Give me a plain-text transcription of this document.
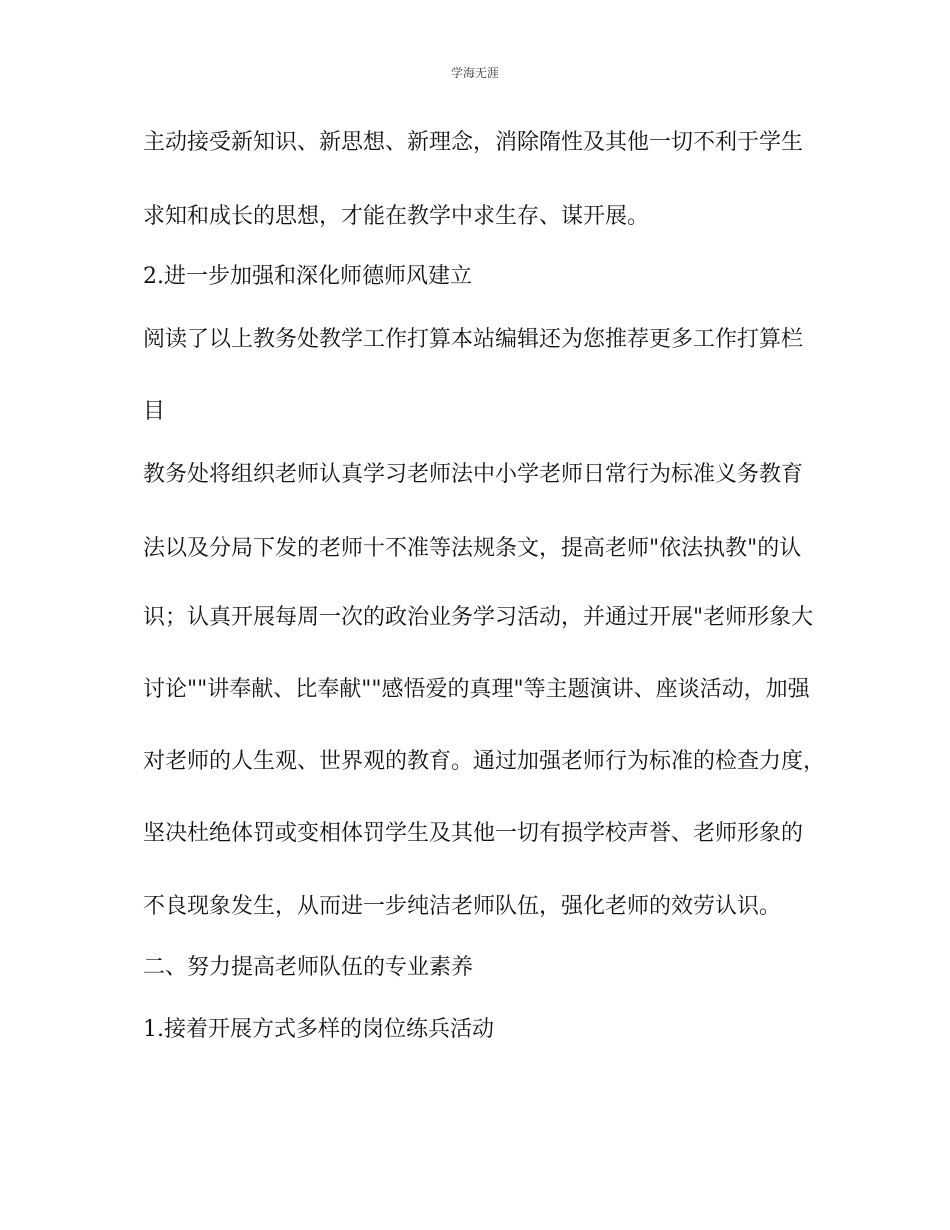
学海无涯
主动接受新知识、新思想、新理念，消除隋性及其他一切不利于学生
求知和成长的思想，才能在教学中求生存、谋开展。
2.进一步加强和深化师德师风建立
阅读了以上教务处教学工作打算本站编辑还为您推荐更多工作打算栏
目
教务处将组织老师认真学习老师法中小学老师日常行为标准义务教育
法以及分局下发的老师十不准等法规条文，提高老师"依法执教"的认
识；认真开展每周一次的政治业务学习活动，并通过开展"老师形象大
讨论""讲奉献、比奉献""感悟爱的真理"等主题演讲、座谈活动，加强
对老师的人生观、世界观的教育。通过加强老师行为标准的检查力度，
坚决杜绝体罚或变相体罚学生及其他一切有损学校声誉、老师形象的
不良现象发生，从而进一步纯洁老师队伍，强化老师的效劳认识。
二、努力提高老师队伍的专业素养
1.接着开展方式多样的岗位练兵活动
